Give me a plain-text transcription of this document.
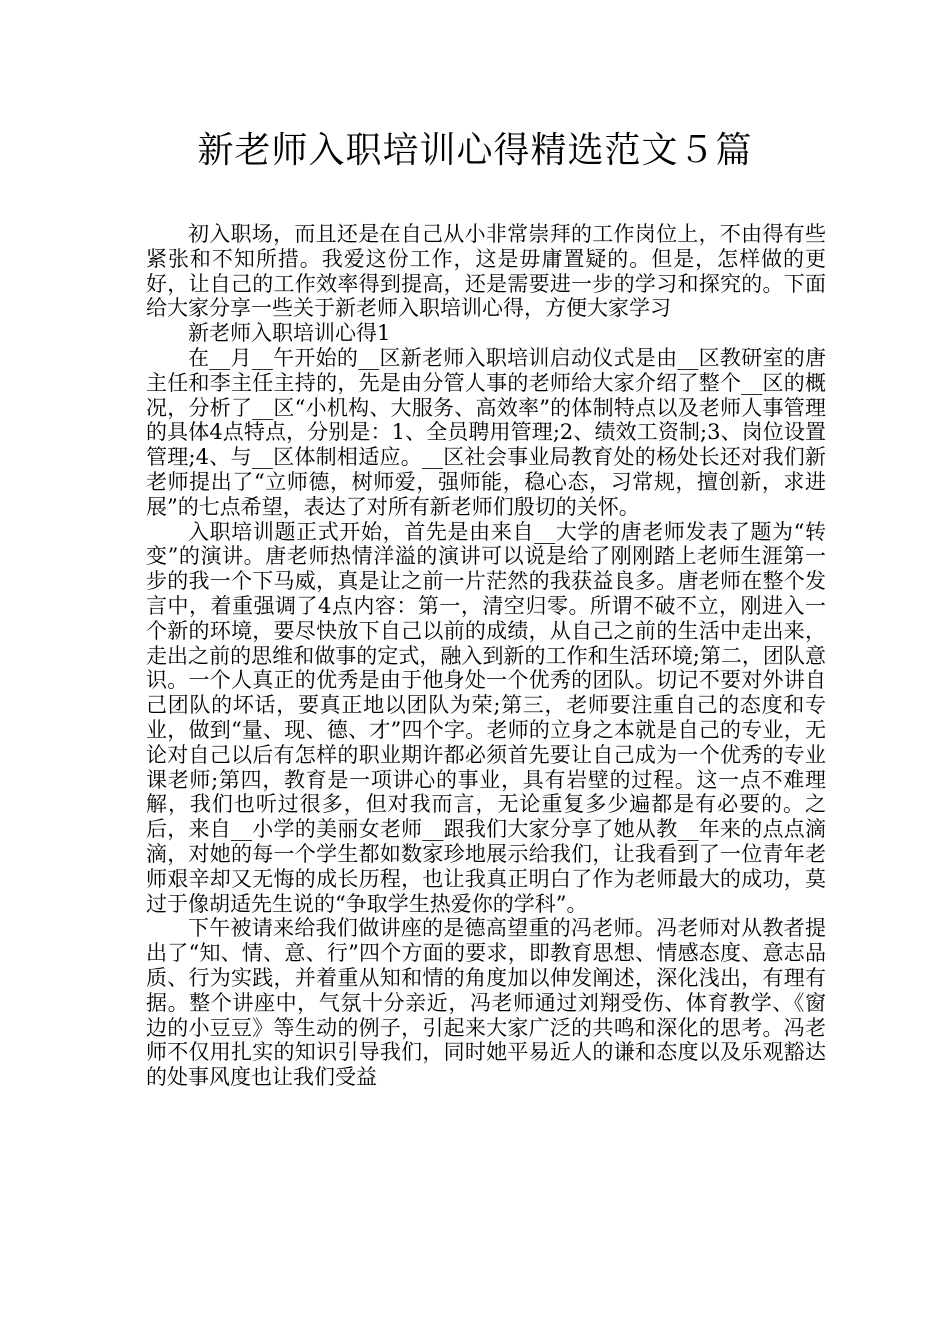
新老师入职培训心得精选范文５篇

初入职场，而且还是在自己从小非常崇拜的工作岗位上，不由得有些紧张和不知所措。我爱这份工作，这是毋庸置疑的。但是，怎样做的更好，让自己的工作效率得到提高，还是需要进一步的学习和探究的。下面给大家分享一些关于新老师入职培训心得，方便大家学习

新老师入职培训心得1

在__月__午开始的__区新老师入职培训启动仪式是由__区教研室的唐主任和李主任主持的，先是由分管人事的老师给大家介绍了整个__区的概况，分析了__区“小机构、大服务、高效率”的体制特点以及老师人事管理的具体4点特点，分别是：1、全员聘用管理;2、绩效工资制;3、岗位设置管理;4、与__区体制相适应。__区社会事业局教育处的杨处长还对我们新老师提出了“立师德，树师爱，强师能，稳心态，习常规，擅创新，求进展”的七点希望，表达了对所有新老师们殷切的关怀。

入职培训题正式开始，首先是由来自__大学的唐老师发表了题为“转变”的演讲。唐老师热情洋溢的演讲可以说是给了刚刚踏上老师生涯第一步的我一个下马威，真是让之前一片茫然的我获益良多。唐老师在整个发言中，着重强调了4点内容：第一，清空归零。所谓不破不立，刚进入一个新的环境，要尽快放下自己以前的成绩，从自己之前的生活中走出来，走出之前的思维和做事的定式，融入到新的工作和生活环境;第二，团队意识。一个人真正的优秀是由于他身处一个优秀的团队。切记不要对外讲自己团队的坏话，要真正地以团队为荣;第三，老师要注重自己的态度和专业，做到“量、现、德、才”四个字。老师的立身之本就是自己的专业，无论对自己以后有怎样的职业期许都必须首先要让自己成为一个优秀的专业课老师;第四，教育是一项讲心的事业，具有岩壁的过程。这一点不难理解，我们也听过很多，但对我而言，无论重复多少遍都是有必要的。之后，来自__小学的美丽女老师__跟我们大家分享了她从教__年来的点点滴滴，对她的每一个学生都如数家珍地展示给我们，让我看到了一位青年老师艰辛却又无悔的成长历程，也让我真正明白了作为老师最大的成功，莫过于像胡适先生说的“争取学生热爱你的学科”。

下午被请来给我们做讲座的是德高望重的冯老师。冯老师对从教者提出了“知、情、意、行”四个方面的要求，即教育思想、情感态度、意志品质、行为实践，并着重从知和情的角度加以伸发阐述，深化浅出，有理有据。整个讲座中，气氛十分亲近，冯老师通过刘翔受伤、体育教学、《窗边的小豆豆》等生动的例子，引起来大家广泛的共鸣和深化的思考。冯老师不仅用扎实的知识引导我们，同时她平易近人的谦和态度以及乐观豁达的处事风度也让我们受益
